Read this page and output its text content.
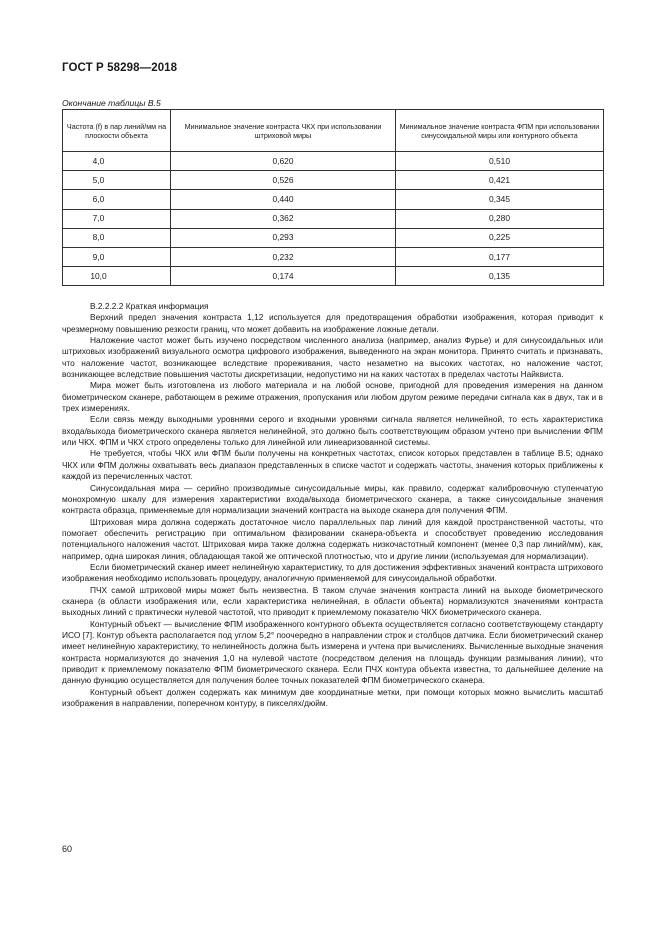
ГОСТ Р 58298—2018
Окончание таблицы В.5
Частота (f) в пар линий/мм на плоскости объекта	Минимальное значение контраста ЧКХ при использовании штриховой миры	Минимальное значение контраста ФПМ при использовании синусоидальной миры или контурного объекта
4,0	0,620	0,510
5,0	0,526	0,421
6,0	0,440	0,345
7,0	0,362	0,280
8,0	0,293	0,225
9,0	0,232	0,177
10,0	0,174	0,135

В.2.2.2.2 Краткая информация

Верхний предел значения контраста 1,12 используется для предотвращения обработки изображения, которая приводит к чрезмерному повышению резкости границ, что может добавить на изображение ложные детали.

Наложение частот может быть изучено посредством численного анализа (например, анализ Фурье) и для синусоидальных или штриховых изображений визуального осмотра цифрового изображения, выведенного на экран монитора. Принято считать и признавать, что наложение частот, возникающее вследствие прореживания, часто незаметно на высоких частотах, но наложение частот, возникающее вследствие повышения частоты дискретизации, недопустимо ни на каких частотах в пределах частоты Найквиста.

Мира может быть изготовлена из любого материала и на любой основе, пригодной для проведения измерения на данном биометрическом сканере, работающем в режиме отражения, пропускания или любом другом режиме передачи сигнала как в двух, так и в трех измерениях.

Если связь между выходными уровнями серого и входными уровнями сигнала является нелинейной, то есть характеристика входа/выхода биометрического сканера является нелинейной, это должно быть соответствующим образом учтено при вычислении ФПМ или ЧКХ. ФПМ и ЧКХ строго определены только для линейной или линеаризованной системы.

Не требуется, чтобы ЧКХ или ФПМ были получены на конкретных частотах, список которых представлен в таблице В.5; однако ЧКХ или ФПМ должны охватывать весь диапазон представленных в списке частот и содержать частоты, значения которых приближены к каждой из перечисленных частот.

Синусоидальная мира — серийно производимые синусоидальные миры, как правило, содержат калибровочную ступенчатую монохромную шкалу для измерения характеристики входа/выхода биометрического сканера, а также синусоидальные значения контраста образца, применяемые для нормализации значений контраста на выходе сканера для получения ФПМ.

Штриховая мира должна содержать достаточное число параллельных пар линий для каждой пространственной частоты, что помогает обеспечить регистрацию при оптимальном фазировании сканера-объекта и способствует проведению исследования потенциального наложения частот. Штриховая мира также должна содержать низкочастотный компонент (менее 0,3 пар линий/мм), как, например, одна широкая линия, обладающая такой же оптической плотностью, что и другие линии (используемая для нормализации).

Если биометрический сканер имеет нелинейную характеристику, то для достижения эффективных значений контраста штрихового изображения необходимо использовать процедуру, аналогичную применяемой для синусоидальной обработки.

ПЧХ самой штриховой миры может быть неизвестна. В таком случае значения контраста линий на выходе биометрического сканера (в области изображения или, если характеристика нелинейная, в области объекта) нормализуются значениями контраста выходных линий с практически нулевой частотой, что приводит к приемлемому показателю ЧКХ биометрического сканера.

Контурный объект — вычисление ФПМ изображенного контурного объекта осуществляется согласно соответствующему стандарту ИСО [7]. Контур объекта располагается под углом 5,2° поочередно в направлении строк и столбцов датчика. Если биометрический сканер имеет нелинейную характеристику, то нелинейность должна быть измерена и учтена при вычислениях. Вычисленные выходные значения контраста нормализуются до значения 1,0 на нулевой частоте (посредством деления на площадь функции размывания линии), что приводит к приемлемому показателю ФПМ биометрического сканера. Если ПЧХ контура объекта известна, то дальнейшее деление на данную функцию осуществляется для получения более точных показателей ФПМ биометрического сканера.

Контурный объект должен содержать как минимум две координатные метки, при помощи которых можно вычислить масштаб изображения в направлении, поперечном контуру, в пикселях/дюйм.

60
